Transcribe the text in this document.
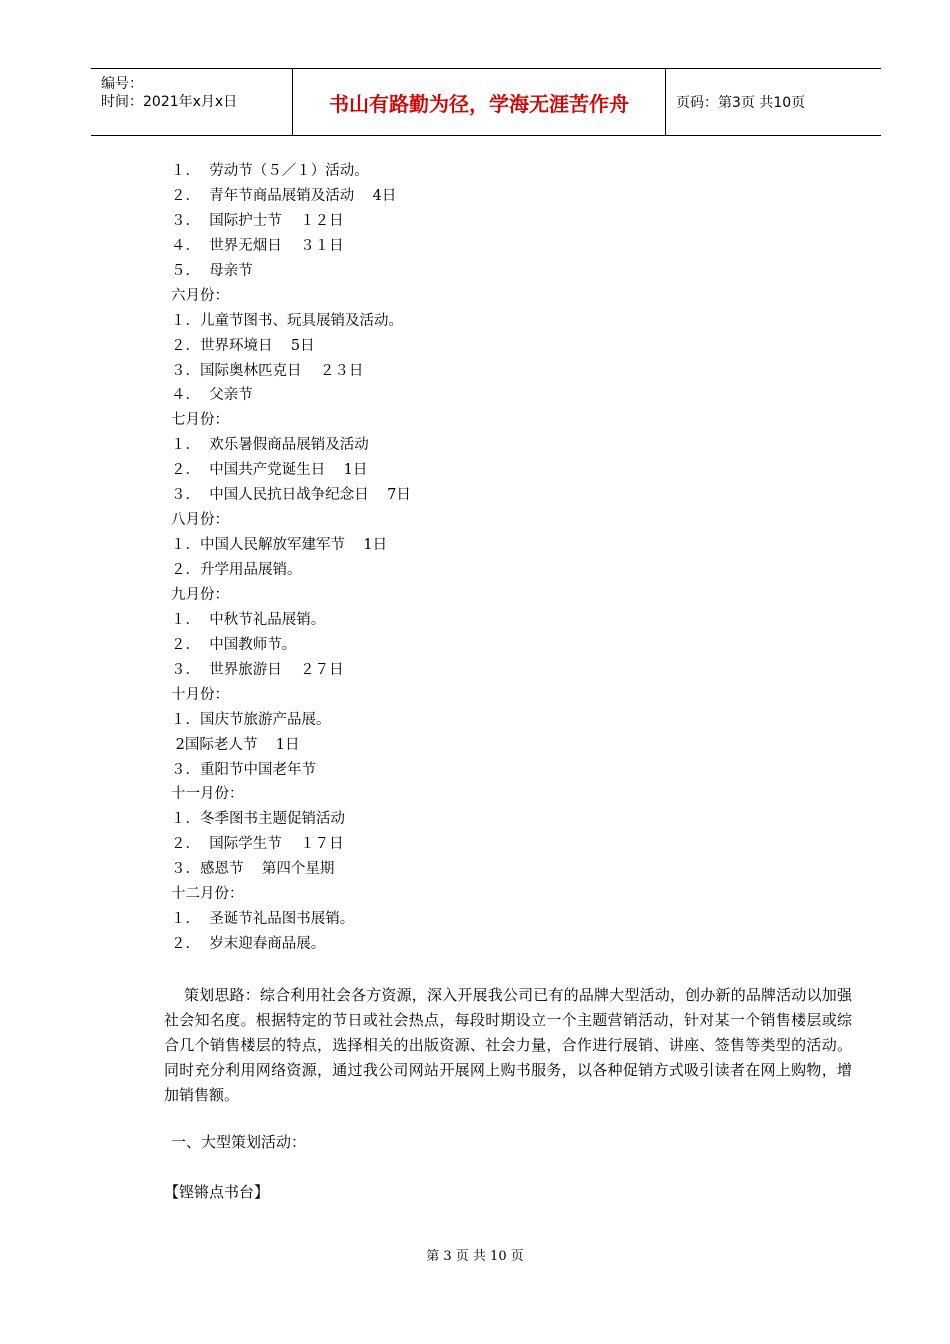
编号：
时间：2021年x月x日	书山有路勤为径，学海无涯苦作舟	页码：第3页 共10页
１．  劳动节（５／１）活动。
２．  青年节商品展销及活动    4日
３．  国际护士节    １２日
４．  世界无烟日    ３１日
５．  母亲节
六月份：
１．儿童节图书、玩具展销及活动。
２．世界环境日    5日
３．国际奥林匹克日    ２３日
４．  父亲节
七月份：
１．  欢乐暑假商品展销及活动
２．  中国共产党诞生日    1日
３．  中国人民抗日战争纪念日    7日
八月份：
１．中国人民解放军建军节    1日
２．升学用品展销。
九月份：
１．  中秋节礼品展销。
２．  中国教师节。
３．  世界旅游日    ２７日
十月份：
１．国庆节旅游产品展。
2国际老人节    1日
３．重阳节中国老年节
十一月份：
１．冬季图书主题促销活动
２．  国际学生节    １７日
３．感恩节    第四个星期
十二月份：
１．  圣诞节礼品图书展销。
２．  岁末迎春商品展。

策划思路：综合利用社会各方资源，深入开展我公司已有的品牌大型活动，创办新的品牌活动以加强社会知名度。根据特定的节日或社会热点，每段时期设立一个主题营销活动，针对某一个销售楼层或综合几个销售楼层的特点，选择相关的出版资源、社会力量，合作进行展销、讲座、签售等类型的活动。同时充分利用网络资源，通过我公司网站开展网上购书服务，以各种促销方式吸引读者在网上购物，增加销售额。

一、大型策划活动：
【铿锵点书台】
第 3 页 共 10 页
